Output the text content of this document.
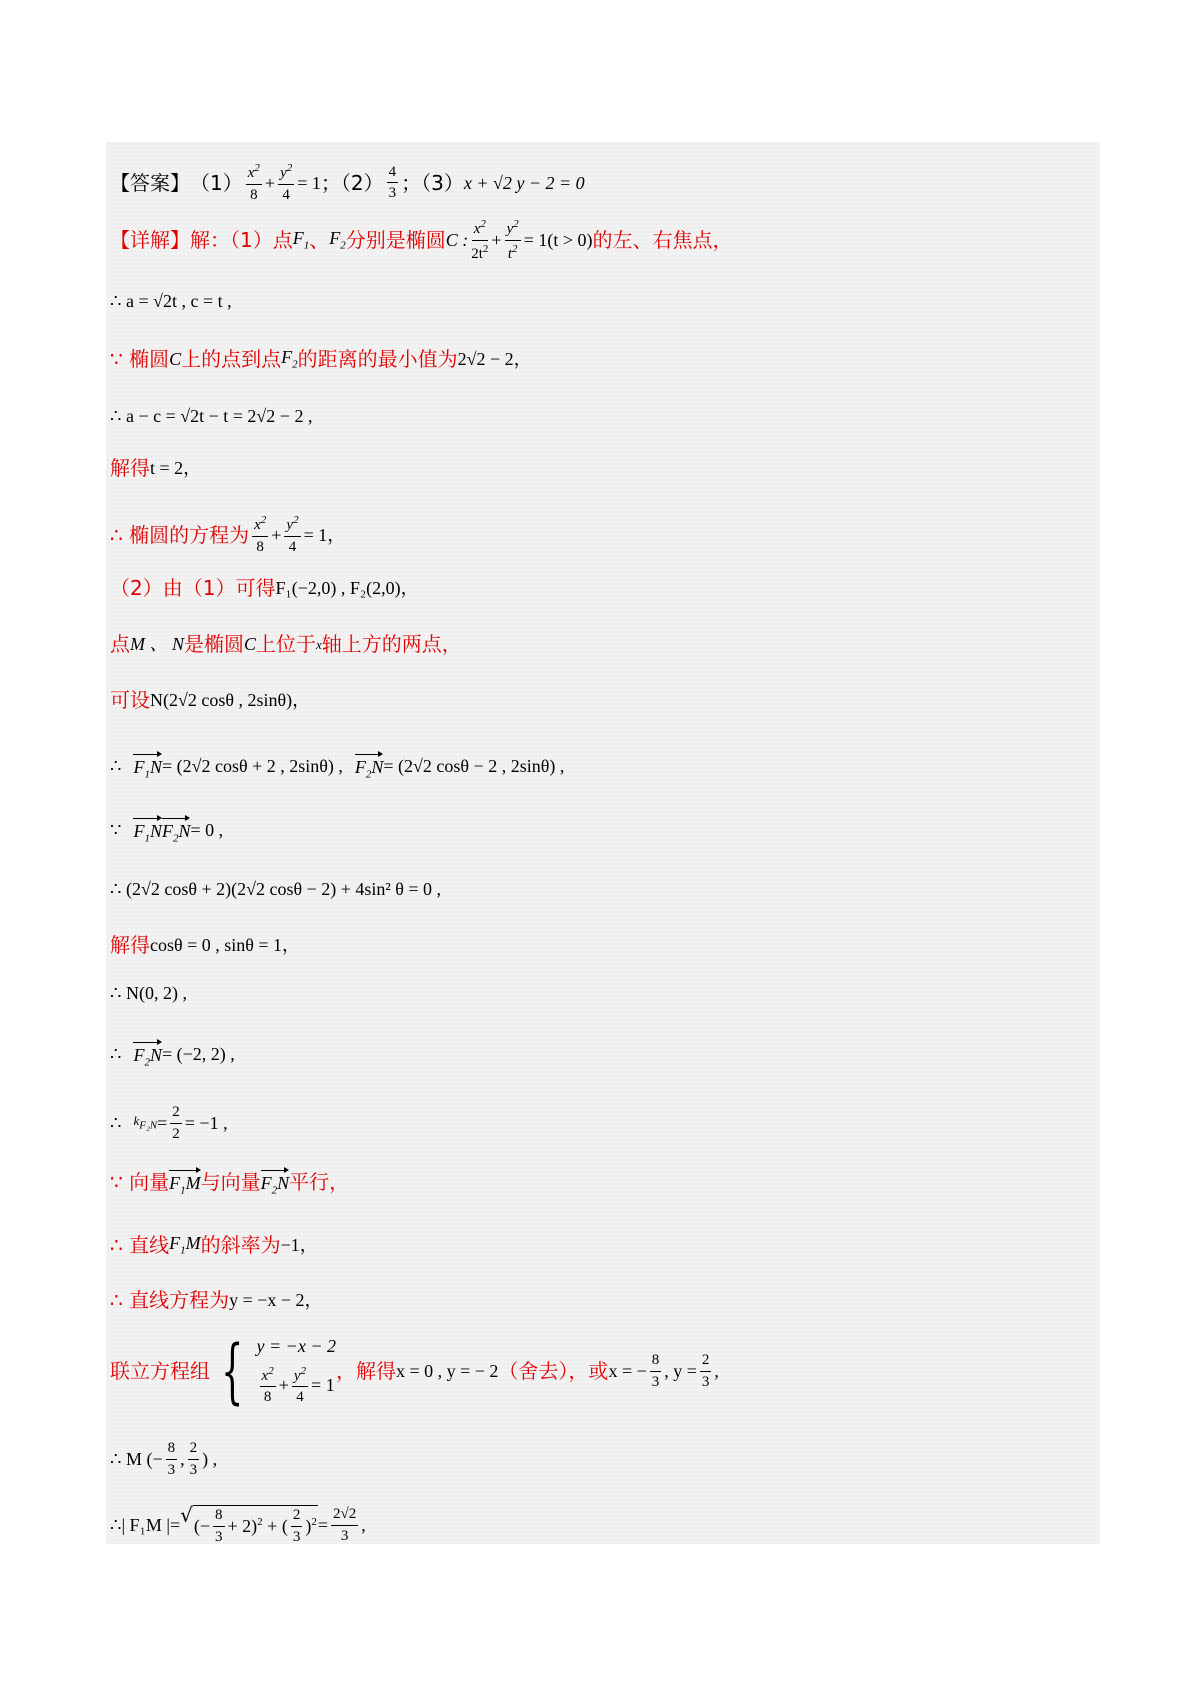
【答案】 $(1) \frac{x^2}{8} + \frac{y^2}{4} = 1$ ；$(2) \frac{4}{3}$ ；（3） x + √2 y − 2 = 0
【详解】 解：（1）点 $F_1$ 、 $F_2$ 分别是椭圆 C : $\frac{x^2}{2t^2} + \frac{y^2}{t^2} = 1(t > 0)$ 的左、右焦点，
∴ a = √2t , c = t ,
∵ 椭圆 C 上的点到点 $F_2$ 的距离的最小值为 2√2 − 2，
∴ a − c = √2t − t = 2√2 − 2 ,
解得 t = 2，
∴ 椭圆的方程为 $\frac{x^2}{8} + \frac{y^2}{4} = 1$，
（2）由（1）可得 F₁(−2,0) , F₂(2,0)，
点 M 、 N 是椭圆 C 上位于 x 轴上方的两点，
可设 N(2√2 cosθ , 2sinθ)，
∴ $F_1N = (2√2$ cosθ + 2 , 2sinθ) , $F_2N = (2√2$ cosθ − 2 , 2sinθ) ,
∵ $F_1N$ $F_2N = 0$ ,
∴ (2√2 cosθ + 2)(2√2 cosθ − 2) + 4sin² θ = 0 ,
解得 cosθ = 0 , sinθ = 1，
∴ N(0, 2) ,
∴ $F_2N = (-2$, 2) ,
∴ $k_{F_2N} = \frac{2}{2} = -1$ ,
∵ 向量 $F_1M$ 与向量 $F_2N$ 平行，
∴ 直线 $F_1M$ 的斜率为 −1，
∴ 直线方程为 y = −x − 2，
联立方程组 { y = −x − 2
$\frac{x^2}{8} + \frac{y^2}{4} = 1$
，解得 x = 0 , y = − 2 （舍去），或 x = − $\frac{8}{3}$ , $y = \frac{2}{3}$ ,
∴ M (− $\frac{8}{3}$ , $\frac{2}{3}$ ) ,
∴| F₁M |= √ (− $\frac{8}{3} + 2)^2$ + ( $\frac{2}{3} )^2 = \frac{2√2}{3}$ ,
